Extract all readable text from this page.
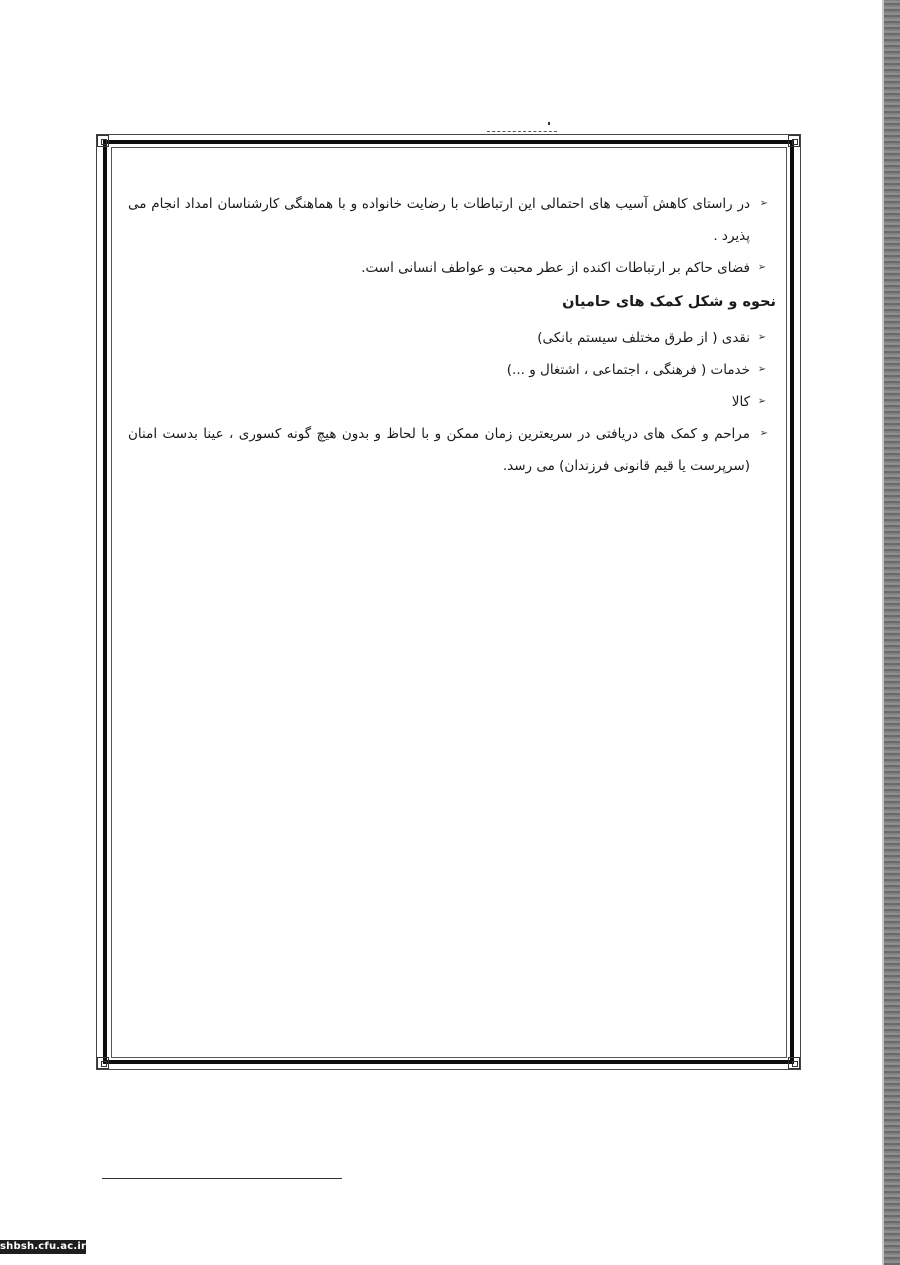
➢
در راستای کاهش آسیب های احتمالی این ارتباطات با رضایت خانواده و با هماهنگی کارشناسان امداد انجام می پذیرد .

➢
فضای حاکم بر ارتباطات اکنده از عطر محبت و عواطف انسانی است.

نحوه و شکل کمک های حامیان

➢
نقدی ( از طرق مختلف سیستم بانکی)

➢
خدمات ( فرهنگی ، اجتماعی ، اشتغال و ...)

➢
کالا

➢
مراحم و کمک های دریافتی در سریعترین زمان ممکن و با لحاظ و بدون هیچ گونه کسوری ، عینا بدست امنان (سرپرست یا قیم قانونی فرزندان) می رسد.

shbsh.cfu.ac.ir
